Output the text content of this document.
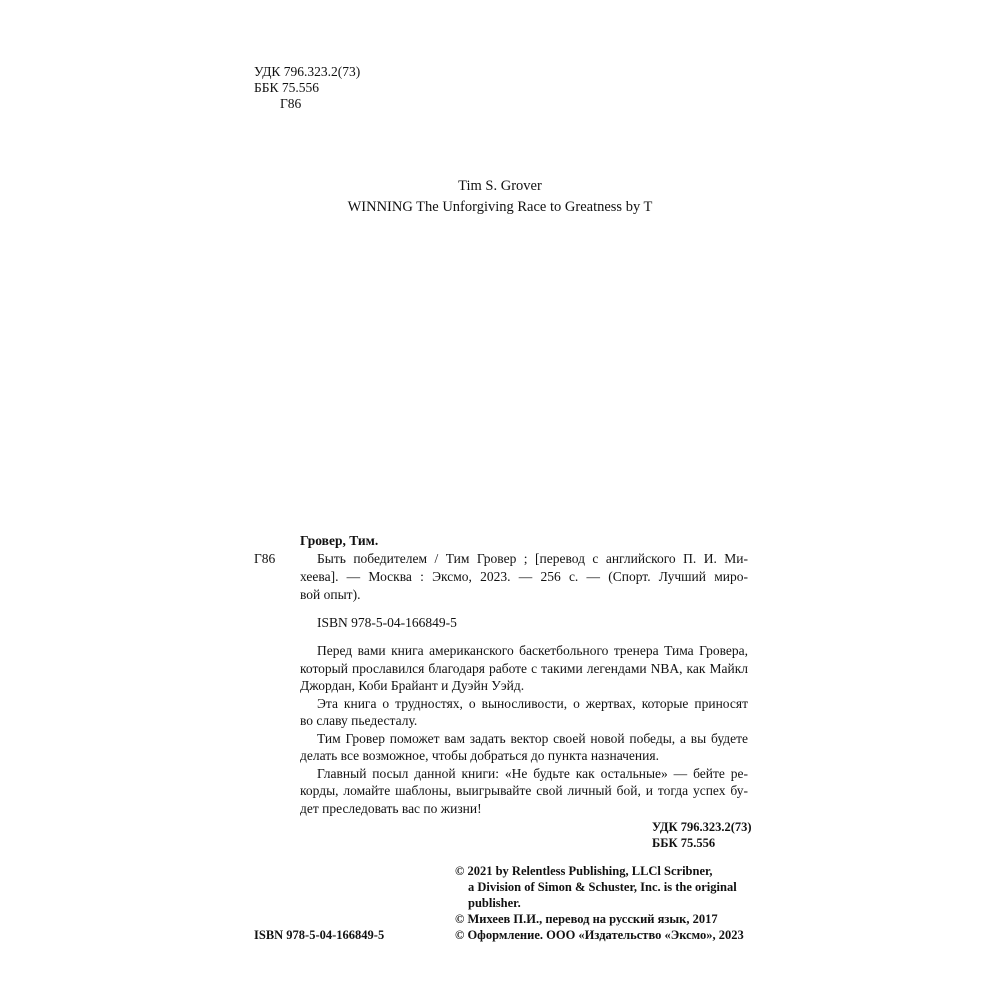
УДК 796.323.2(73)
ББК 75.556
Г86
Tim S. Grover
WINNING The Unforgiving Race to Greatness by T
Гровер, Тим.
Г86	Быть победителем / Тим Гровер ; [перевод с английского П. И. Ми-
хеева]. — Москва : Эксмо, 2023. — 256 с. — (Спорт. Лучший миро-
вой опыт).
ISBN 978-5-04-166849-5
Перед вами книга американского баскетбольного тренера Тима Гровера,
который прославился благодаря работе с такими легендами NBA, как Майкл
Джордан, Коби Брайант и Дуэйн Уэйд.
Эта книга о трудностях, о выносливости, о жертвах, которые приносят
во славу пьедесталу.
Тим Гровер поможет вам задать вектор своей новой победы, а вы будете
делать все возможное, чтобы добраться до пункта назначения.
Главный посыл данной книги: «Не будьте как остальные» — бейте ре-
корды, ломайте шаблоны, выигрывайте свой личный бой, и тогда успех бу-
дет преследовать вас по жизни!
УДК 796.323.2(73)
ББК 75.556
© 2021 by Relentless Publishing, LLCl Scribner,
a Division of Simon & Schuster, Inc. is the original
publisher.
© Михеев П.И., перевод на русский язык, 2017
© Оформление. ООО «Издательство «Эксмо», 2023
ISBN 978-5-04-166849-5
